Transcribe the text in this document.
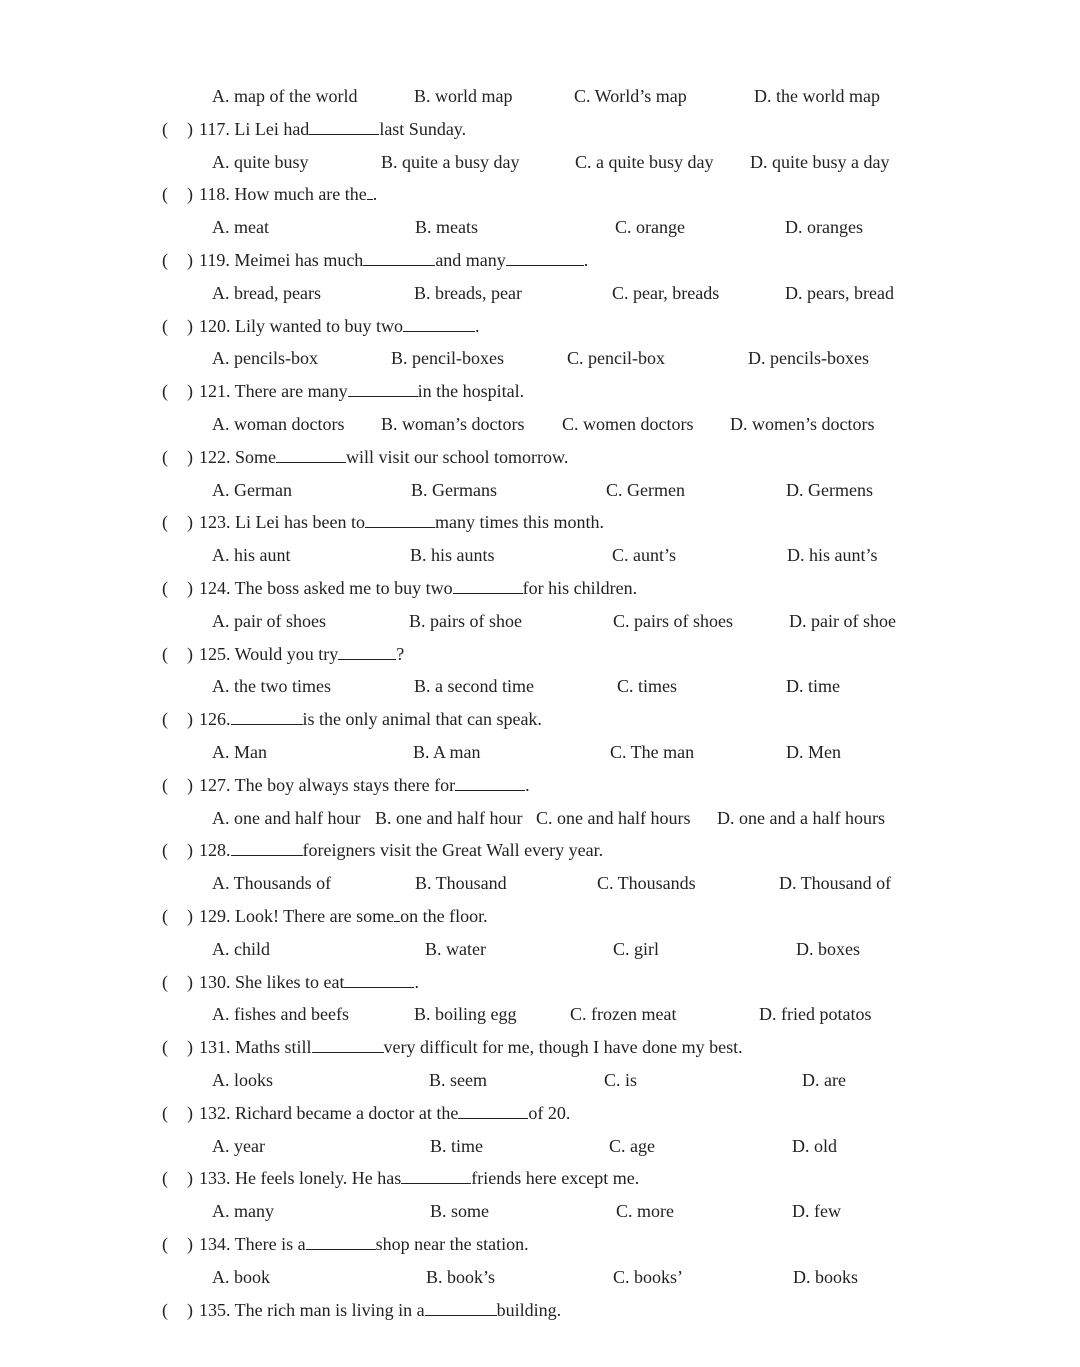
A. map of the world	B. world map	C. World’s map	D. the world map
( ) 117. Li Lei had	last Sunday.
A. quite busy	B. quite a busy day	C. a quite busy day D. quite busy a day
( ) 118. How much are the .
A. meat	B. meats	C. orange	D. oranges
( ) 119. Meimei has much	and many	.
A. bread, pears	B. breads, pear	C. pear, breads	D. pears, bread
( ) 120. Lily wanted to buy two	.
A. pencils-box	B. pencil-boxes	C. pencil-box	D. pencils-boxes
( ) 121. There are many	in the hospital.
A. woman doctors B. woman’s doctors C. women doctors D. women’s doctors
( ) 122. Some	will visit our school tomorrow.
A. German	B. Germans	C. Germen	D. Germens
( ) 123. Li Lei has been to	many times this month.
A. his aunt	B. his aunts	C. aunt’s	D. his aunt’s
( ) 124. The boss asked me to buy two	for his children.
A. pair of shoes	B. pairs of shoe	C. pairs of shoes	D. pair of shoe
( ) 125. Would you try	?
A. the two times	B. a second time	C. times	D. time
( ) 126.	is the only animal that can speak.
A. Man	B. A man	C. The man	D. Men
( ) 127. The boy always stays there for	.
A. one and half hour B. one and half hour C. one and half hours D. one and a half hours
( ) 128.	foreigners visit the Great Wall every year.
A. Thousands of	B. Thousand	C. Thousands	D. Thousand of
( ) 129. Look! There are some on the floor.
A. child	B. water	C. girl	D. boxes
( ) 130. She likes to eat	.
A. fishes and beefs	B. boiling egg	C. frozen meat	D. fried potatos
( ) 131. Maths still	very difficult for me, though I have done my best.
A. looks	B. seem	C. is	D. are
( ) 132. Richard became a doctor at the	of 20.
A. year	B. time	C. age	D. old
( ) 133. He feels lonely. He has	friends here except me.
A. many	B. some	C. more	D. few
( ) 134. There is a	shop near the station.
A. book	B. book’s	C. books’	D. books
( ) 135. The rich man is living in a	building.
